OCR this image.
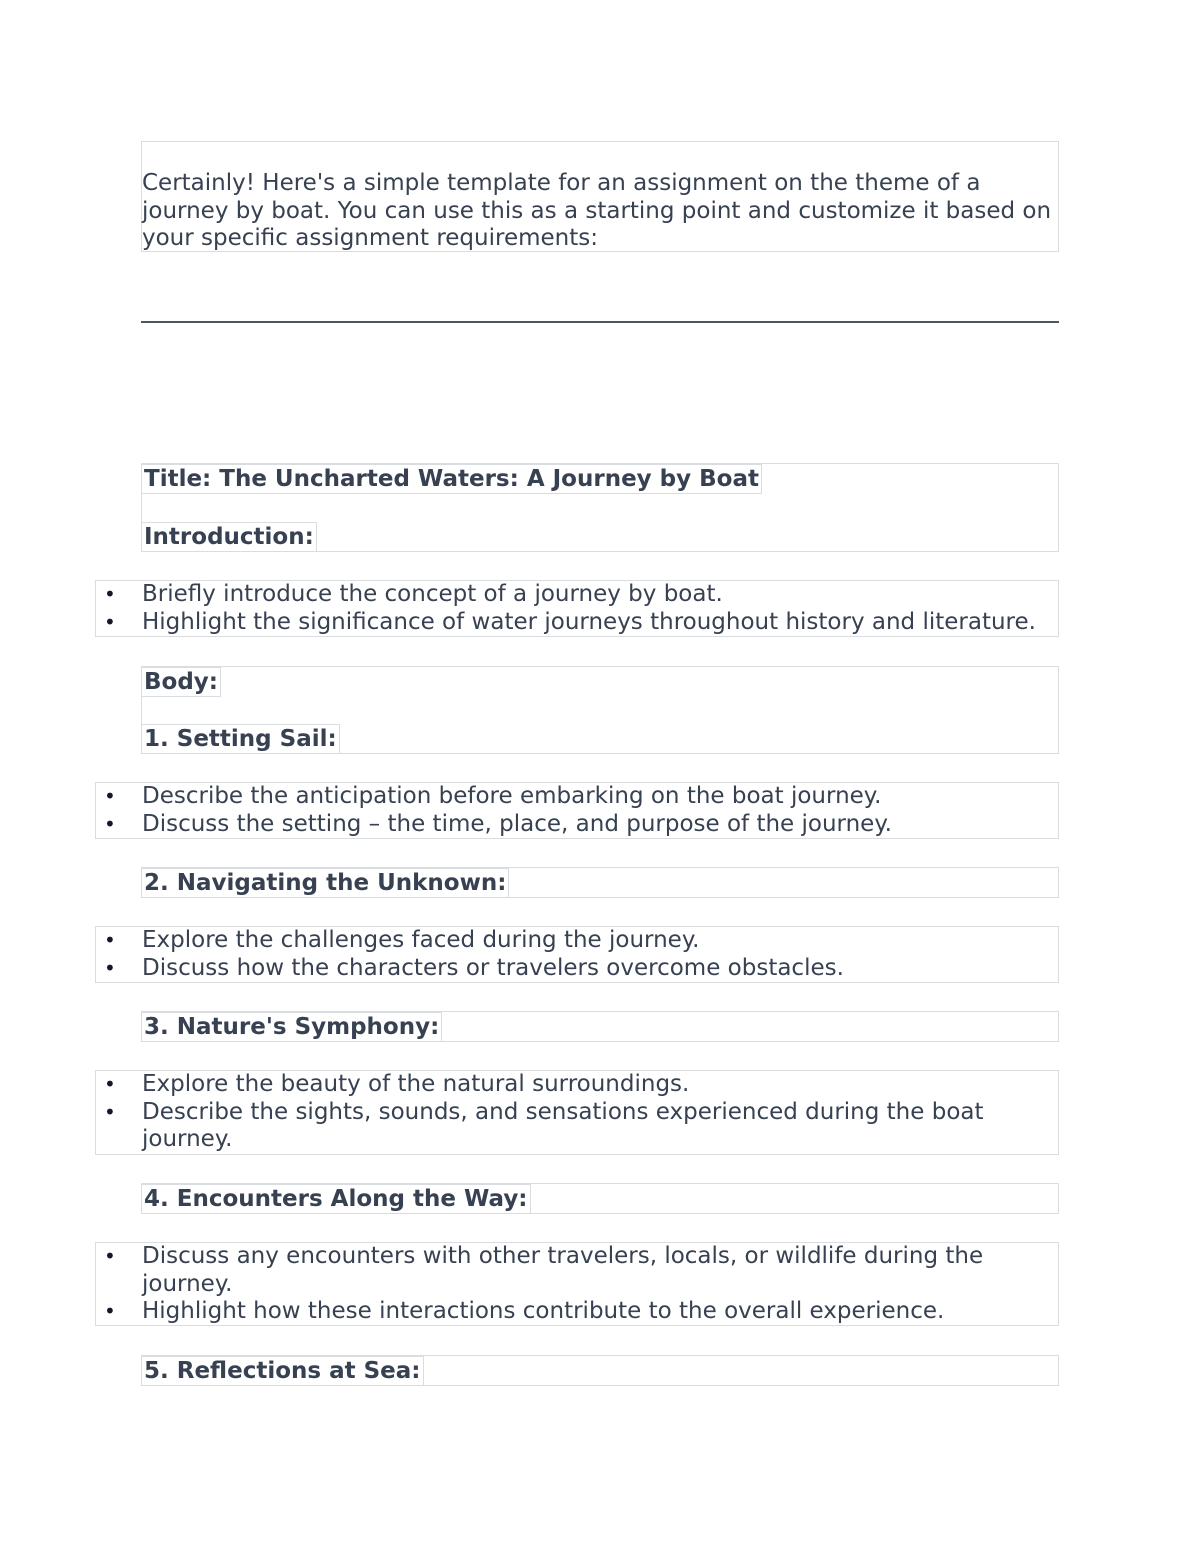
Certainly! Here's a simple template for an assignment on the theme of a journey by boat. You can use this as a starting point and customize it based on your specific assignment requirements:

Title: The Uncharted Waters: A Journey by Boat
Introduction:
• Briefly introduce the concept of a journey by boat.
• Highlight the significance of water journeys throughout history and literature.
Body:
1. Setting Sail:
• Describe the anticipation before embarking on the boat journey.
• Discuss the setting – the time, place, and purpose of the journey.
2. Navigating the Unknown:
• Explore the challenges faced during the journey.
• Discuss how the characters or travelers overcome obstacles.
3. Nature's Symphony:
• Explore the beauty of the natural surroundings.
• Describe the sights, sounds, and sensations experienced during the boat journey.
4. Encounters Along the Way:
• Discuss any encounters with other travelers, locals, or wildlife during the journey.
• Highlight how these interactions contribute to the overall experience.
5. Reflections at Sea:
